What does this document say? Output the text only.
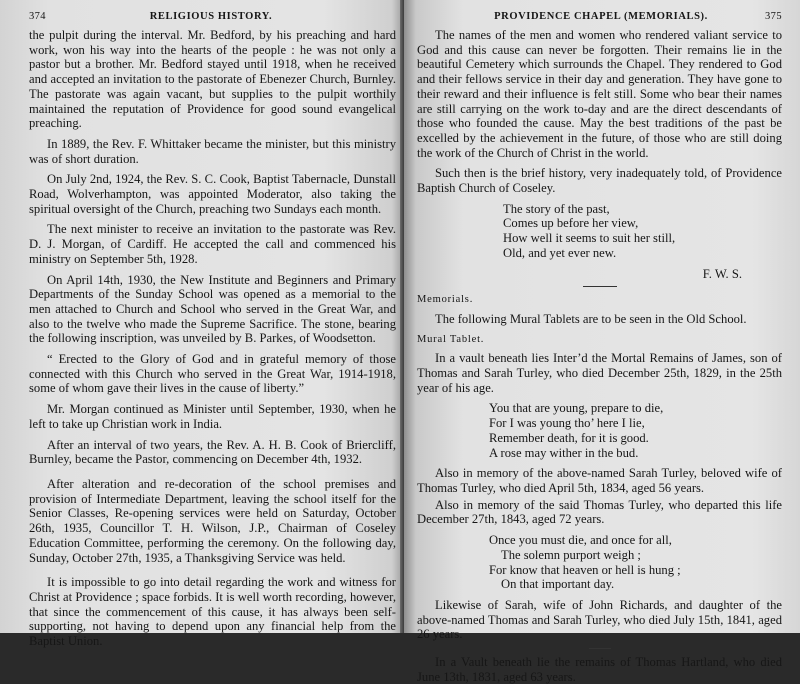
374	RELIGIOUS HISTORY.

the pulpit during the interval. Mr. Bedford, by his preaching and hard work, won his way into the hearts of the people : he was not only a pastor but a brother. Mr. Bedford stayed until 1918, when he received and accepted an invitation to the pastorate of Ebenezer Church, Burnley. The pastorate was again vacant, but supplies to the pulpit worthily maintained the reputation of Providence for good sound evangelical preaching.

In 1889, the Rev. F. Whittaker became the minister, but this ministry was of short duration.

On July 2nd, 1924, the Rev. S. C. Cook, Baptist Tabernacle, Dunstall Road, Wolverhampton, was appointed Moderator, also taking the spiritual oversight of the Church, preaching two Sundays each month.

The next minister to receive an invitation to the pastorate was Rev. D. J. Morgan, of Cardiff. He accepted the call and commenced his ministry on September 5th, 1928.

On April 14th, 1930, the New Institute and Beginners and Primary Departments of the Sunday School was opened as a memorial to the men attached to Church and School who served in the Great War, and also to the twelve who made the Supreme Sacrifice. The stone, bearing the following inscription, was unveiled by B. Parkes, of Woodsetton.

“ Erected to the Glory of God and in grateful memory of those connected with this Church who served in the Great War, 1914-1918, some of whom gave their lives in the cause of liberty.”

Mr. Morgan continued as Minister until September, 1930, when he left to take up Christian work in India.

After an interval of two years, the Rev. A. H. B. Cook of Briercliff, Burnley, became the Pastor, commencing on December 4th, 1932.

After alteration and re-decoration of the school premises and provision of Intermediate Department, leaving the school itself for the Senior Classes, Re-opening services were held on Saturday, October 26th, 1935, Councillor T. H. Wilson, J.P., Chairman of Coseley Education Committee, performing the ceremony. On the following day, Sunday, October 27th, 1935, a Thanksgiving Service was held.

It is impossible to go into detail regarding the work and witness for Christ at Providence ; space forbids. It is well worth recording, however, that since the commencement of this cause, it has always been self-supporting, not having to depend upon any financial help from the Baptist Union.

PROVIDENCE CHAPEL (MEMORIALS).	375

The names of the men and women who rendered valiant service to God and this cause can never be forgotten. Their remains lie in the beautiful Cemetery which surrounds the Chapel. They rendered to God and their fellows service in their day and generation. They have gone to their reward and their influence is felt still. Some who bear their names are still carrying on the work to-day and are the direct descendants of those who founded the cause. May the best traditions of the past be excelled by the achievement in the future, of those who are still doing the work of the Church of Christ in the world.

Such then is the brief history, very inadequately told, of Providence Baptish Church of Coseley.

The story of the past,
Comes up before her view,
How well it seems to suit her still,
Old, and yet ever new.
F. W. S.

Memorials.

The following Mural Tablets are to be seen in the Old School.

Mural Tablet.

In a vault beneath lies Inter’d the Mortal Remains of James, son of Thomas and Sarah Turley, who died December 25th, 1829, in the 25th year of his age.

You that are young, prepare to die,
For I was young tho’ here I lie,
Remember death, for it is good.
A rose may wither in the bud.

Also in memory of the above-named Sarah Turley, beloved wife of Thomas Turley, who died April 5th, 1834, aged 56 years.

Also in memory of the said Thomas Turley, who departed this life December 27th, 1843, aged 72 years.

Once you must die, and once for all,
The solemn purport weigh ;
For know that heaven or hell is hung ;
On that important day.

Likewise of Sarah, wife of John Richards, and daughter of the above-named Thomas and Sarah Turley, who died July 15th, 1841, aged 26 years.

In a Vault beneath lie the remains of Thomas Hartland, who died June 13th, 1831, aged 63 years.
